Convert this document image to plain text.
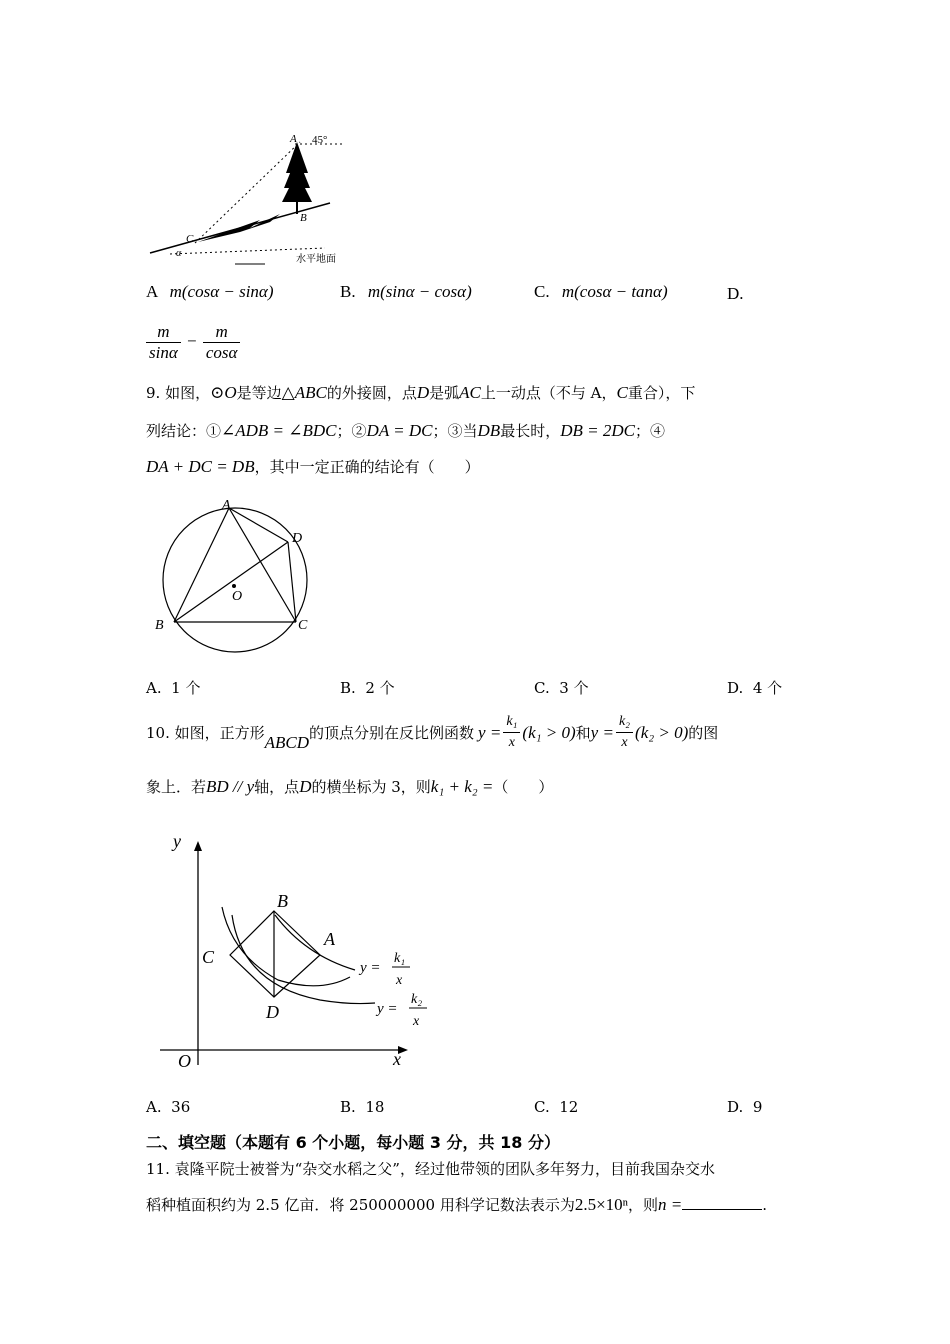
A 45°
B
C
α
水平地面
A m(cosα − sinα)	B. m(sinα − cosα)	C. m(cosα − tanα)	D.
$\frac{m}{\sin\alpha} - \frac{m}{\cos\alpha}$
9. 如图，⊙O是等边△ABC的外接圆，点D是弧AC上一动点（不与 A，C重合），下
列结论：①∠ADB = ∠BDC；②DA = DC；③当DB最长时，DB = 2DC；④
DA + DC = DB，其中一定正确的结论有（　　）
A
D
O
B	C
A. 1 个	B. 2 个	C. 3 个	D. 4 个
10. 如图，正方形 ABCD 的顶点分别在反比例函数 $y = \frac{\text{k₁}}{x} (k_1 > 0)$ 和 $y = \frac{\text{k₂}}{x} (k_2 > 0)$ 的图
象上．若BD // y轴，点D的横坐标为 3，则k₁ + k₂ =（　　）
y
x
O
B
A
C
D
y =
k₁
x
y =
k₂
x
A. 36	B. 18	C. 12	D. 9
二、填空题（本题有 6 个小题，每小题 3 分，共 18 分）
11. 袁隆平院士被誉为“杂交水稻之父”，经过他带领的团队多年努力，目前我国杂交水
稻种植面积约为 2.5 亿亩．将 250000000 用科学记数法表示为2.5×10ⁿ，则n =	.
